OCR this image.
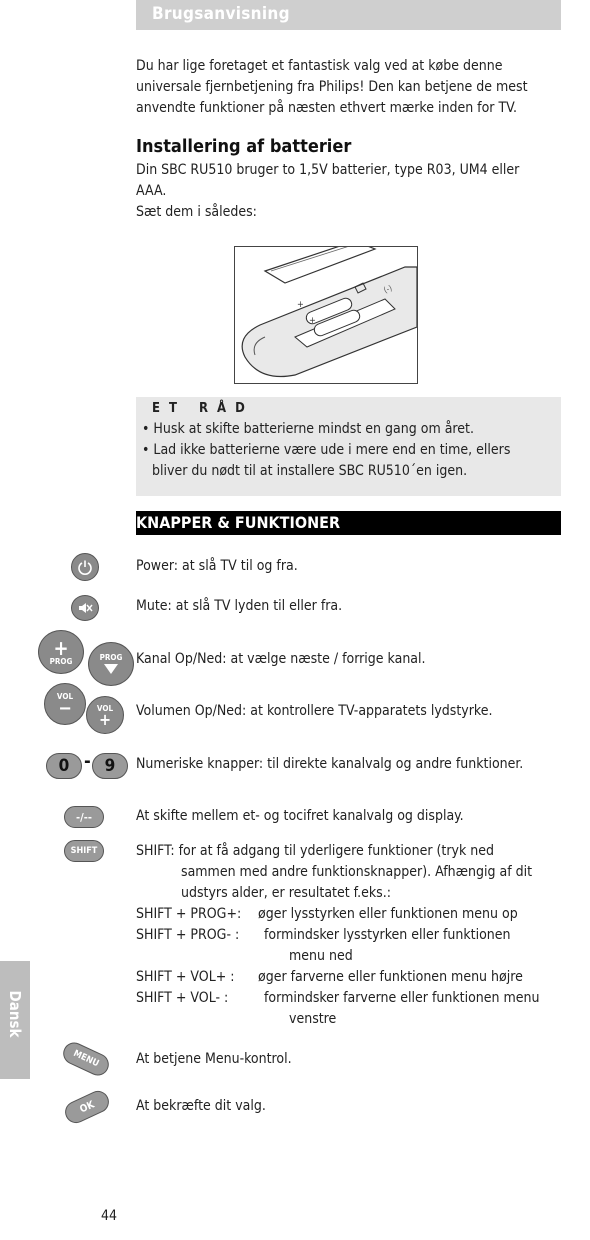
Brugsanvisning
Du har lige foretaget et fantastisk valg ved at købe denne
universale fjernbetjening fra Philips! Den kan betjene de mest
anvendte funktioner på næsten ethvert mærke inden for TV.
Installering af batterier
Din SBC RU510 bruger to 1,5V batterier, type R03, UM4 eller
AAA.
Sæt dem i således:
+
+
(-)
ET RÅD
• Husk at skifte batterierne mindst en gang om året.
• Lad ikke batterierne være ude i mere end en time, ellers
bliver du nødt til at installere SBC RU510´en igen.
KNAPPER & FUNKTIONER
Power: at slå TV til og fra.
Mute: at slå TV lyden til eller fra.
+
PROG	PROG Kanal Op/Ned: at vælge næste / forrige kanal.
VOL
−	VOL
+ Volumen Op/Ned: at kontrollere TV-apparatets lydstyrke.
0 - 9	Numeriske knapper: til direkte kanalvalg og andre funktioner.
-/--	At skifte mellem et- og tocifret kanalvalg og display.
SHIFT	SHIFT: for at få adgang til yderligere funktioner (tryk ned
sammen med andre funktionsknapper). Afhængig af dit
udstyrs alder, er resultatet f.eks.:
SHIFT + PROG+: øger lysstyrken eller funktionen menu op
SHIFT + PROG- : formindsker lysstyrken eller funktionen
menu ned
SHIFT + VOL+ : øger farverne eller funktionen menu højre
SHIFT + VOL- :	formindsker farverne eller funktionen menu
venstre
MENU	At betjene Menu-kontrol.
OK	At bekræfte dit valg.
Dansk
44
